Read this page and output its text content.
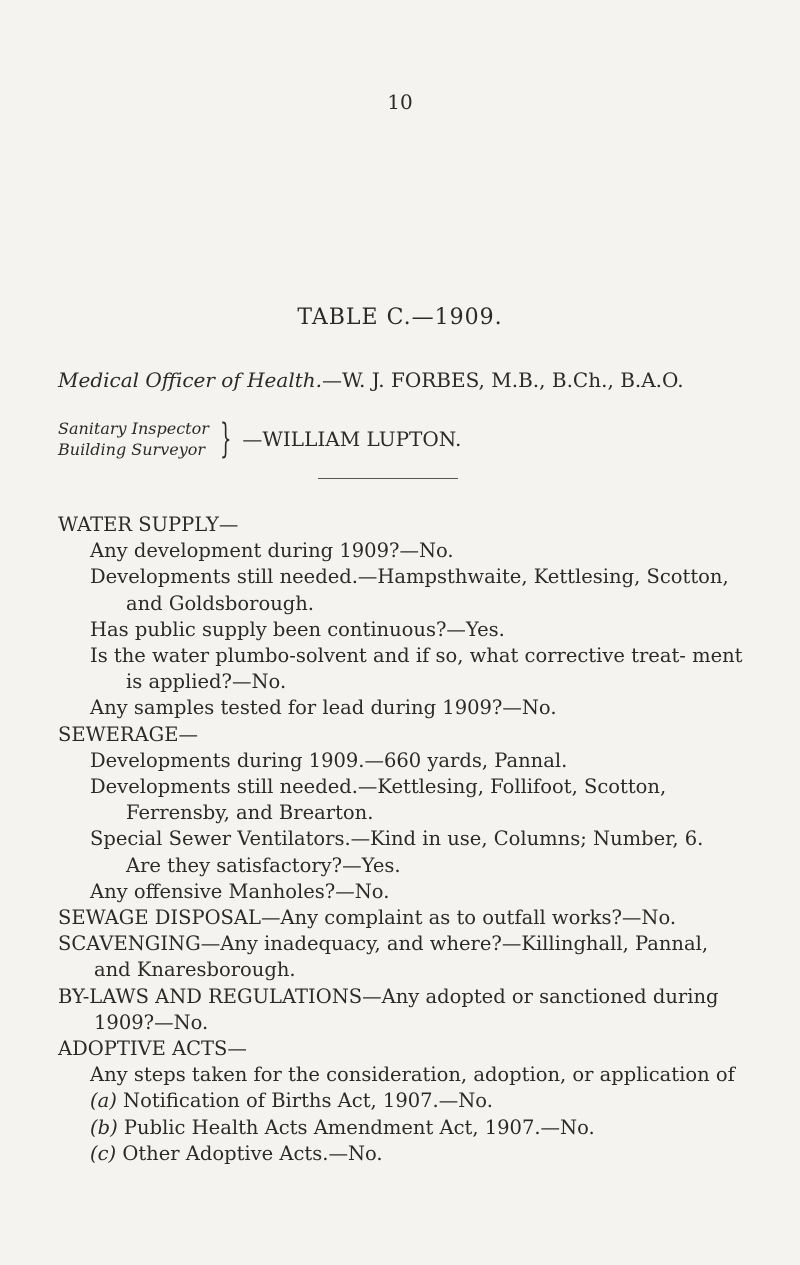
10
TABLE C.—1909.
Medical Officer of Health.—W. J. FORBES, M.B., B.Ch., B.A.O.
Sanitary Inspector
Building Surveyor } —WILLIAM LUPTON.

WATER SUPPLY—

Any development during 1909?—No.

Developments still needed.—Hampsthwaite, Kettlesing, Scotton, and Goldsborough.

Has public supply been continuous?—Yes.

Is the water plumbo-solvent and if so, what corrective treat- ment is applied?—No.

Any samples tested for lead during 1909?—No.

SEWERAGE—

Developments during 1909.—660 yards, Pannal.

Developments still needed.—Kettlesing, Follifoot, Scotton, Ferrensby, and Brearton.

Special Sewer Ventilators.—Kind in use, Columns; Number, 6.

Are they satisfactory?—Yes.

Any offensive Manholes?—No.

SEWAGE DISPOSAL—Any complaint as to outfall works?—No.

SCAVENGING—Any inadequacy, and where?—Killinghall, Pannal, and Knaresborough.

BY-LAWS AND REGULATIONS—Any adopted or sanctioned during 1909?—No.

ADOPTIVE ACTS—

Any steps taken for the consideration, adoption, or application of

(a) Notification of Births Act, 1907.—No.

(b) Public Health Acts Amendment Act, 1907.—No.

(c) Other Adoptive Acts.—No.
